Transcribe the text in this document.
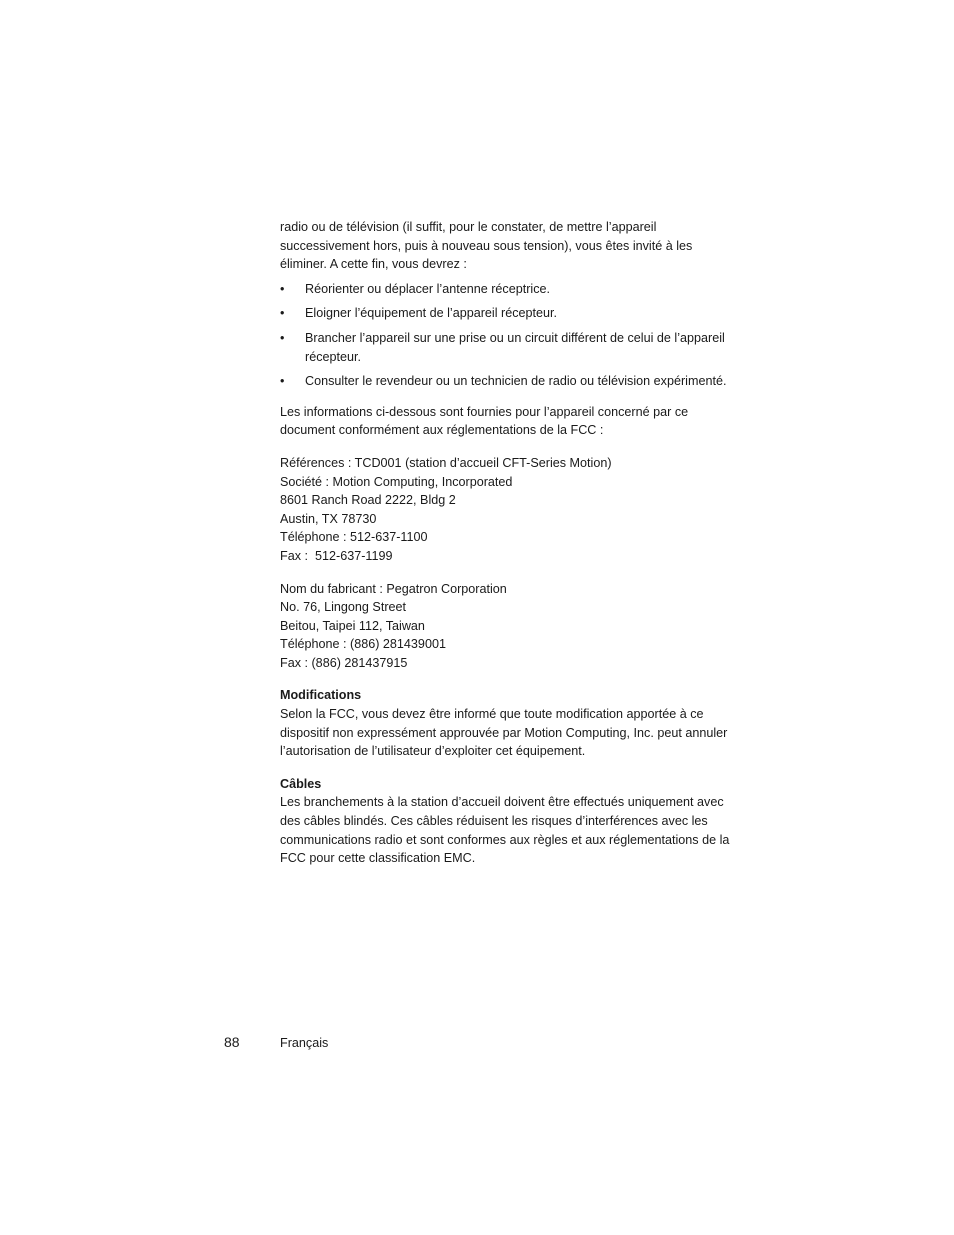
radio ou de télévision (il suffit, pour le constater, de mettre l’appareil successivement hors, puis à nouveau sous tension), vous êtes invité à les éliminer. A cette fin, vous devrez :

• Réorienter ou déplacer l’antenne réceptrice.
• Eloigner l’équipement de l’appareil récepteur.
• Brancher l’appareil sur une prise ou un circuit différent de celui de l’appareil récepteur.
• Consulter le revendeur ou un technicien de radio ou télévision expérimenté.

Les informations ci-dessous sont fournies pour l’appareil concerné par ce document conformément aux réglementations de la FCC :

Références : TCD001 (station d’accueil CFT-Series Motion)

Société : Motion Computing, Incorporated

8601 Ranch Road 2222, Bldg 2

Austin, TX 78730

Téléphone : 512-637-1100

Fax :  512-637-1199

Nom du fabricant : Pegatron Corporation

No. 76, Lingong Street

Beitou, Taipei 112, Taiwan

Téléphone : (886) 281439001

Fax : (886) 281437915

Modifications

Selon la FCC, vous devez être informé que toute modification apportée à ce dispositif non expressément approuvée par Motion Computing, Inc. peut annuler l’autorisation de l’utilisateur d’exploiter cet équipement.

Câbles

Les branchements à la station d’accueil doivent être effectués uniquement avec des câbles blindés. Ces câbles réduisent les risques d’interférences avec les communications radio et sont conformes aux règles et aux réglementations de la FCC pour cette classification EMC.

88	Français
